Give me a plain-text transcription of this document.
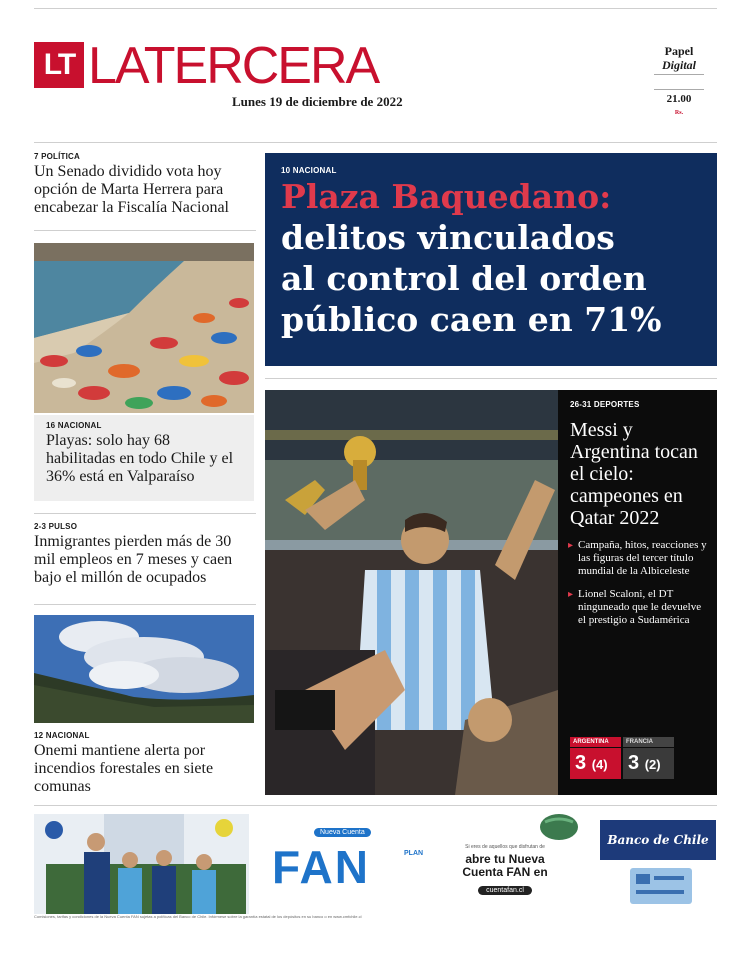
LT LATERCERA
Lunes 19 de diciembre de 2022
Papel
Digital

21.00
Rs.
7 POLÍTICA
Un Senado dividido vota hoy opción de Marta Herrera para encabezar la Fiscalía Nacional
16 NACIONAL
Playas: solo hay 68 habilitadas en todo Chile y el 36% está en Valparaíso
2-3 PULSO
Inmigrantes pierden más de 30 mil empleos en 7 meses y caen bajo el millón de ocupados
12 NACIONAL
Onemi mantiene alerta por incendios forestales en siete comunas
10 NACIONAL
Plaza Baquedano:
delitos vinculados
al control del orden
público caen en 71%
26-31 DEPORTES
Messi y Argentina tocan el cielo: campeones en Qatar 2022
▸ Campaña, hitos, reacciones y las figuras del tercer título mundial de la Albiceleste
▸ Lionel Scaloni, el DT ninguneado que le devuelve el prestigio a Sudamérica
ARGENTINA	FRANCIA
3 (4)	3 (2)
Nueva Cuenta
FAN	PLAN
Si eres de aquellos que disfrutan de
abre tu Nueva Cuenta FAN en
cuentafan.cl
Banco de Chile
Comisiones, tarifas y condiciones de la Nueva Cuenta FAN sujetas a políticas del Banco de Chile. Infórmese sobre la garantía estatal de los depósitos en su banco o en www.cmfchile.cl
